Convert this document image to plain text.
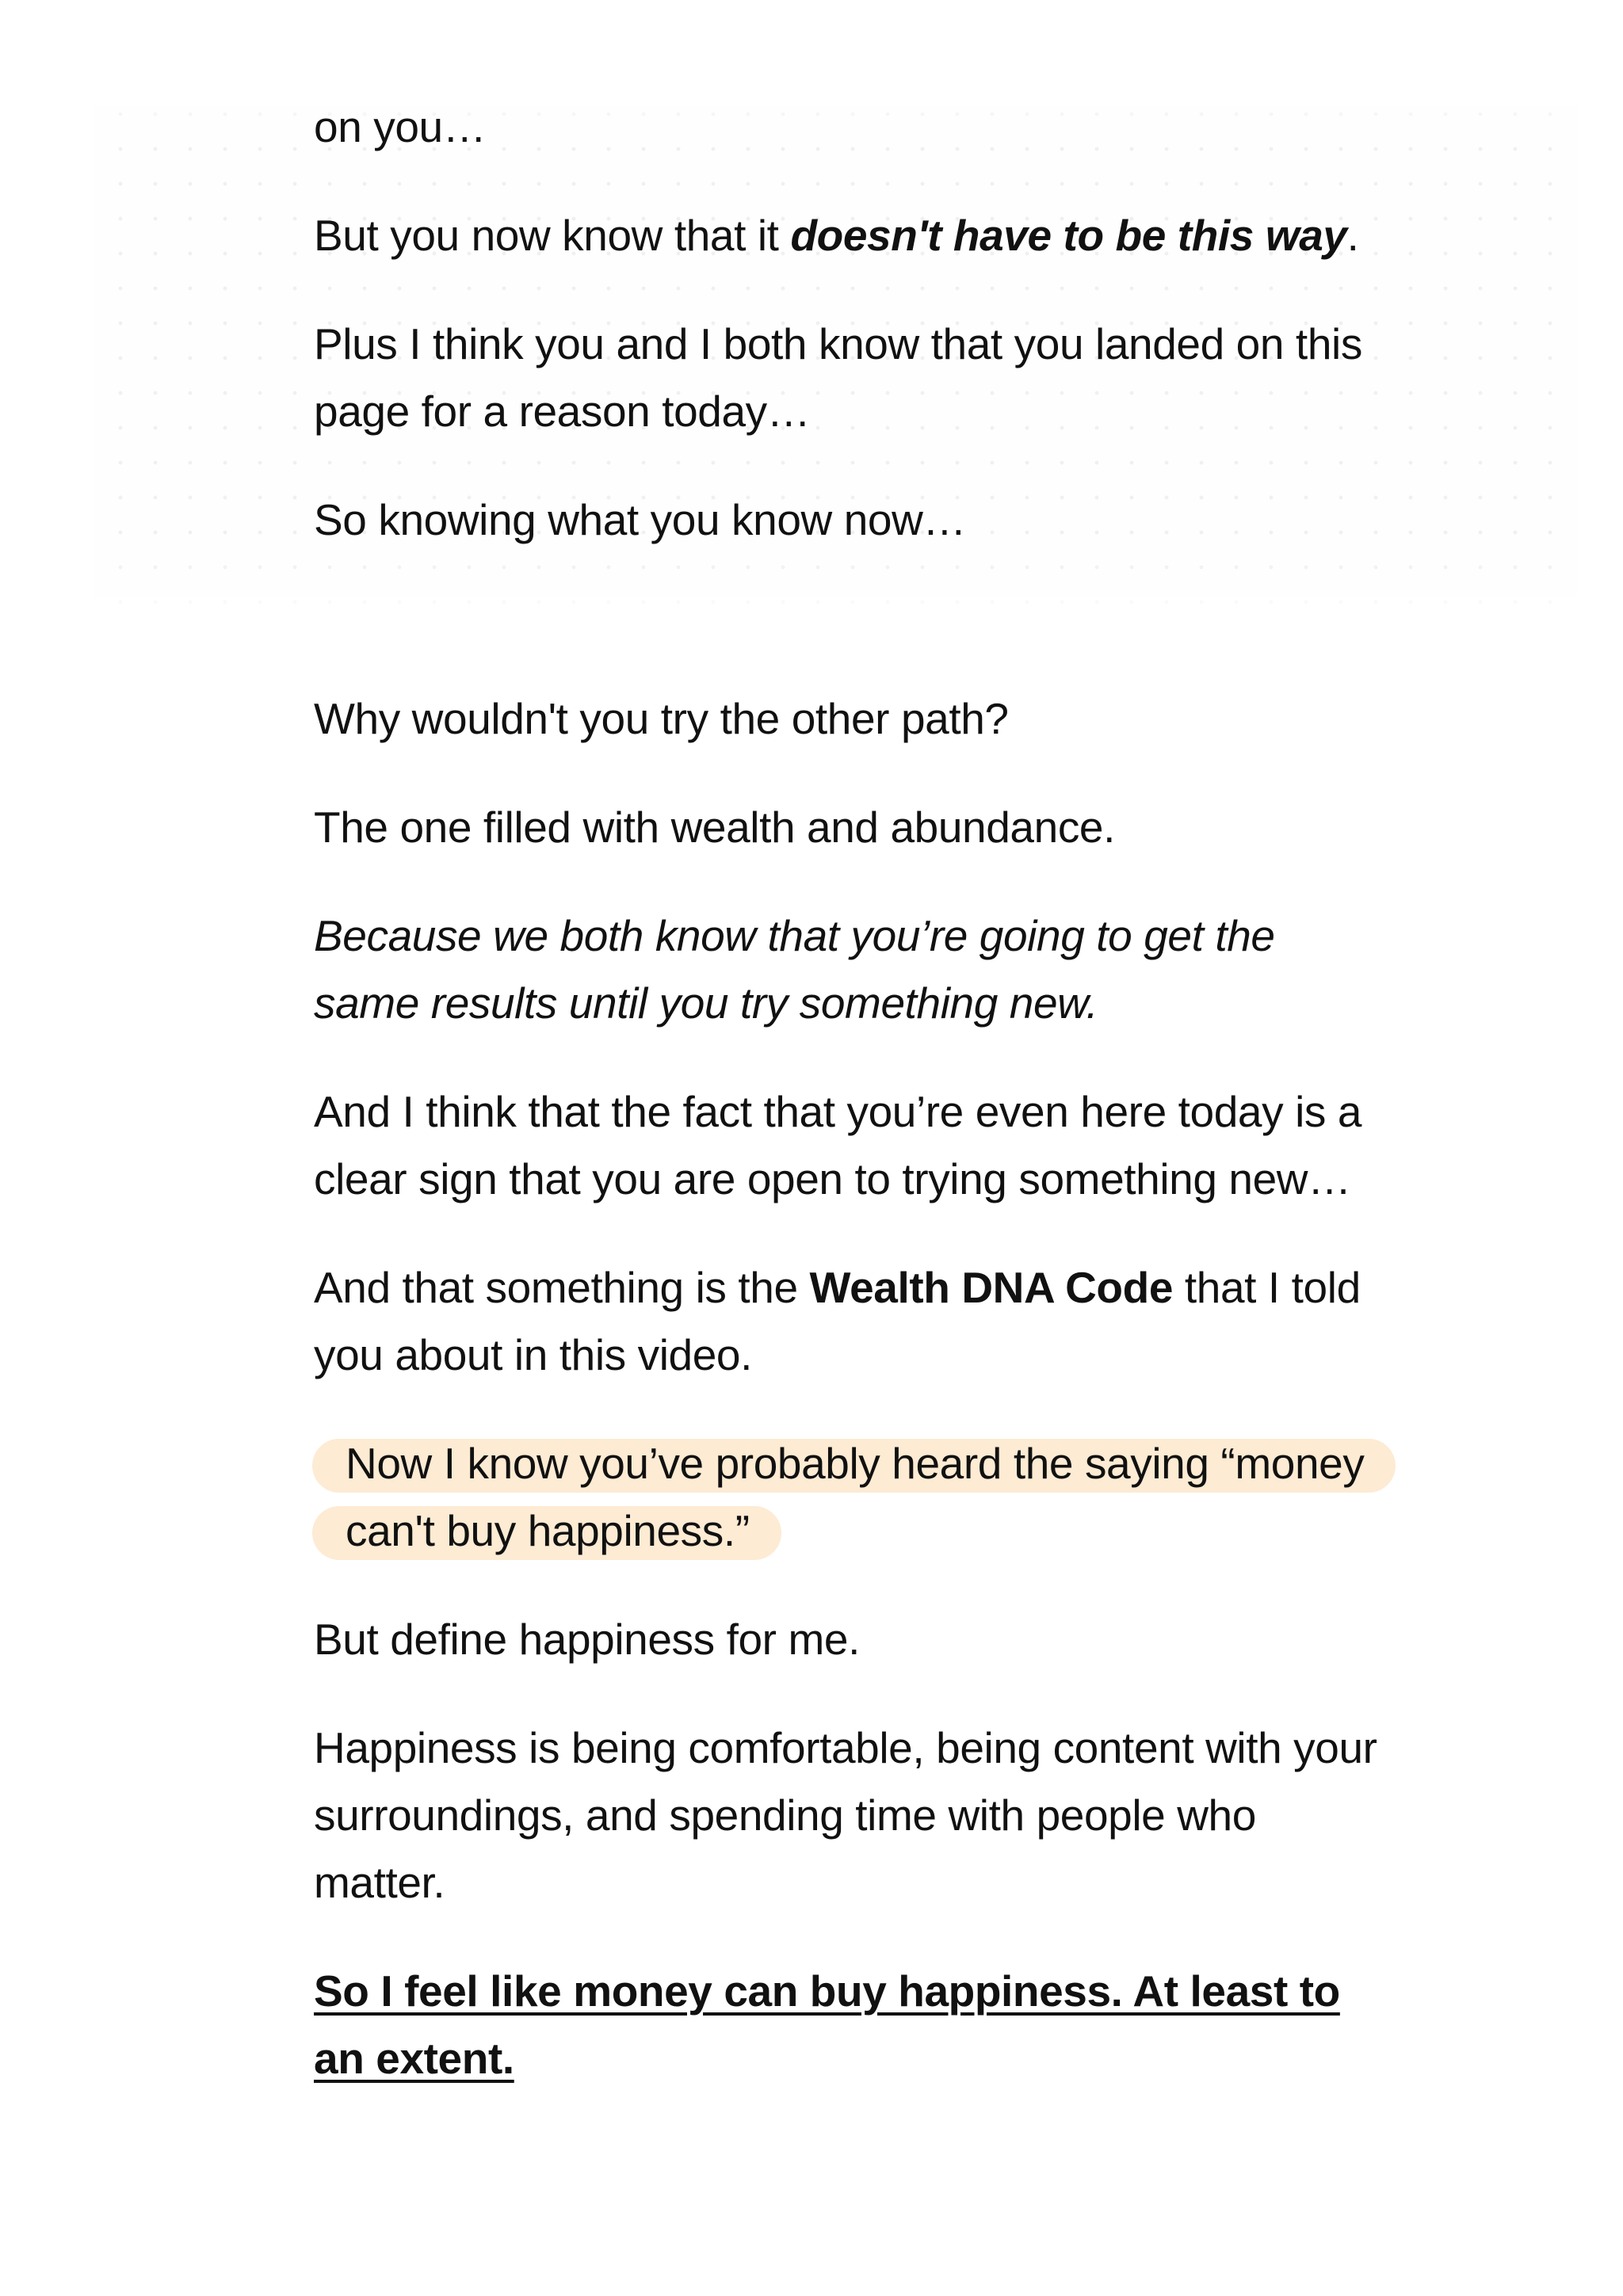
on you…

But you now know that it doesn't have to be this way.

Plus I think you and I both know that you landed on this page for a reason today…

So knowing what you know now…

Why wouldn't you try the other path?

The one filled with wealth and abundance.

Because we both know that you’re going to get the same results until you try something new.

And I think that the fact that you’re even here today is a clear sign that you are open to trying something new…

And that something is the Wealth DNA Code that I told you about in this video.

Now I know you’ve probably heard the saying “money can't buy happiness.”

But define happiness for me.

Happiness is being comfortable, being content with your surroundings, and spending time with people who matter.

So I feel like money can buy happiness. At least to an extent.
